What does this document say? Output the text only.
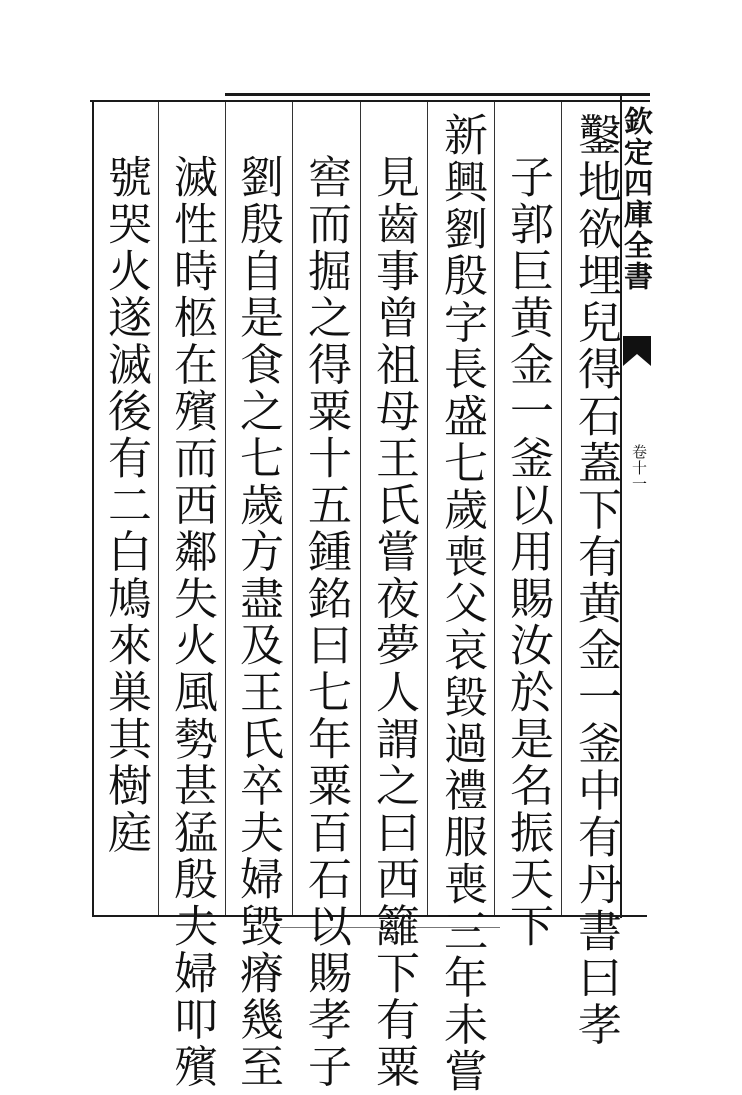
欽定四庫全書
卷十一
鑿地欲埋兒得石蓋下有黄金一釜中有丹書曰孝
子郭巨黄金一釜以用賜汝於是名振天下
新興劉殷字長盛七歲喪父哀毀過禮服喪三年未嘗
見齒事曾祖母王氏嘗夜夢人謂之曰西籬下有粟
窖而掘之得粟十五鍾銘曰七年粟百石以賜孝子
劉殷自是食之七歲方盡及王氏卒夫婦毀瘠幾至
滅性時柩在殯而西鄰失火風勢甚猛殷夫婦叩殯
號哭火遂滅後有二白鳩來巣其樹庭
